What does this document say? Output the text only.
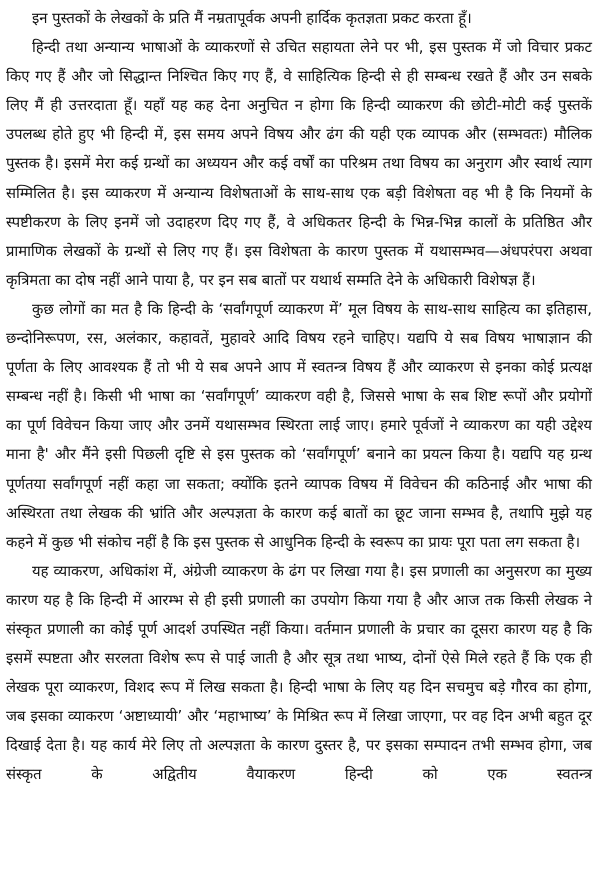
इन पुस्तकों के लेखकों के प्रति मैं नम्रतापूर्वक अपनी हार्दिक कृतज्ञता प्रकट करता हूँ।

हिन्दी तथा अन्यान्य भाषाओं के व्याकरणों से उचित सहायता लेने पर भी, इस पुस्तक में जो विचार प्रकट किए गए हैं और जो सिद्धान्त निश्चित किए गए हैं, वे साहित्यिक हिन्दी से ही सम्बन्ध रखते हैं और उन सबके लिए मैं ही उत्तरदाता हूँ। यहाँ यह कह देना अनुचित न होगा कि हिन्दी व्याकरण की छोटी-मोटी कई पुस्तकें उपलब्ध होते हुए भी हिन्दी में, इस समय अपने विषय और ढंग की यही एक व्यापक और (सम्भवतः) मौलिक पुस्तक है। इसमें मेरा कई ग्रन्थों का अध्ययन और कई वर्षों का परिश्रम तथा विषय का अनुराग और स्वार्थ त्याग सम्मिलित है। इस व्याकरण में अन्यान्य विशेषताओं के साथ-साथ एक बड़ी विशेषता वह भी है कि नियमों के स्पष्टीकरण के लिए इनमें जो उदाहरण दिए गए हैं, वे अधिकतर हिन्दी के भिन्न-भिन्न कालों के प्रतिष्ठित और प्रामाणिक लेखकों के ग्रन्थों से लिए गए हैं। इस विशेषता के कारण पुस्तक में यथासम्भव—अंधपरंपरा अथवा कृत्रिमता का दोष नहीं आने पाया है, पर इन सब बातों पर यथार्थ सम्मति देने के अधिकारी विशेषज्ञ हैं।

कुछ लोगों का मत है कि हिन्दी के ‘सर्वांगपूर्ण व्याकरण में’ मूल विषय के साथ-साथ साहित्य का इतिहास, छन्दोनिरूपण, रस, अलंकार, कहावतें, मुहावरे आदि विषय रहने चाहिए। यद्यपि ये सब विषय भाषाज्ञान की पूर्णता के लिए आवश्यक हैं तो भी ये सब अपने आप में स्वतन्त्र विषय हैं और व्याकरण से इनका कोई प्रत्यक्ष सम्बन्ध नहीं है। किसी भी भाषा का ‘सर्वांगपूर्ण’ व्याकरण वही है, जिससे भाषा के सब शिष्ट रूपों और प्रयोगों का पूर्ण विवेचन किया जाए और उनमें यथासम्भव स्थिरता लाई जाए। हमारे पूर्वजों ने व्याकरण का यही उद्देश्य माना है' और मैंने इसी पिछली दृष्टि से इस पुस्तक को ‘सर्वांगपूर्ण’ बनाने का प्रयत्न किया है। यद्यपि यह ग्रन्थ पूर्णतया सर्वांगपूर्ण नहीं कहा जा सकता; क्योंकि इतने व्यापक विषय में विवेचन की कठिनाई और भाषा की अस्थिरता तथा लेखक की भ्रांति और अल्पज्ञता के कारण कई बातों का छूट जाना सम्भव है, तथापि मुझे यह कहने में कुछ भी संकोच नहीं है कि इस पुस्तक से आधुनिक हिन्दी के स्वरूप का प्रायः पूरा पता लग सकता है।

यह व्याकरण, अधिकांश में, अंग्रेजी व्याकरण के ढंग पर लिखा गया है। इस प्रणाली का अनुसरण का मुख्य कारण यह है कि हिन्दी में आरम्भ से ही इसी प्रणाली का उपयोग किया गया है और आज तक किसी लेखक ने संस्कृत प्रणाली का कोई पूर्ण आदर्श उपस्थित नहीं किया। वर्तमान प्रणाली के प्रचार का दूसरा कारण यह है कि इसमें स्पष्टता और सरलता विशेष रूप से पाई जाती है और सूत्र तथा भाष्य, दोनों ऐसे मिले रहते हैं कि एक ही लेखक पूरा व्याकरण, विशद रूप में लिख सकता है। हिन्दी भाषा के लिए यह दिन सचमुच बड़े गौरव का होगा, जब इसका व्याकरण ‘अष्टाध्यायी’ और ‘महाभाष्य’ के मिश्रित रूप में लिखा जाएगा, पर वह दिन अभी बहुत दूर दिखाई देता है। यह कार्य मेरे लिए तो अल्पज्ञता के कारण दुस्तर है, पर इसका सम्पादन तभी सम्भव होगा, जब संस्कृत के अद्वितीय वैयाकरण हिन्दी को एक स्वतन्त्र
